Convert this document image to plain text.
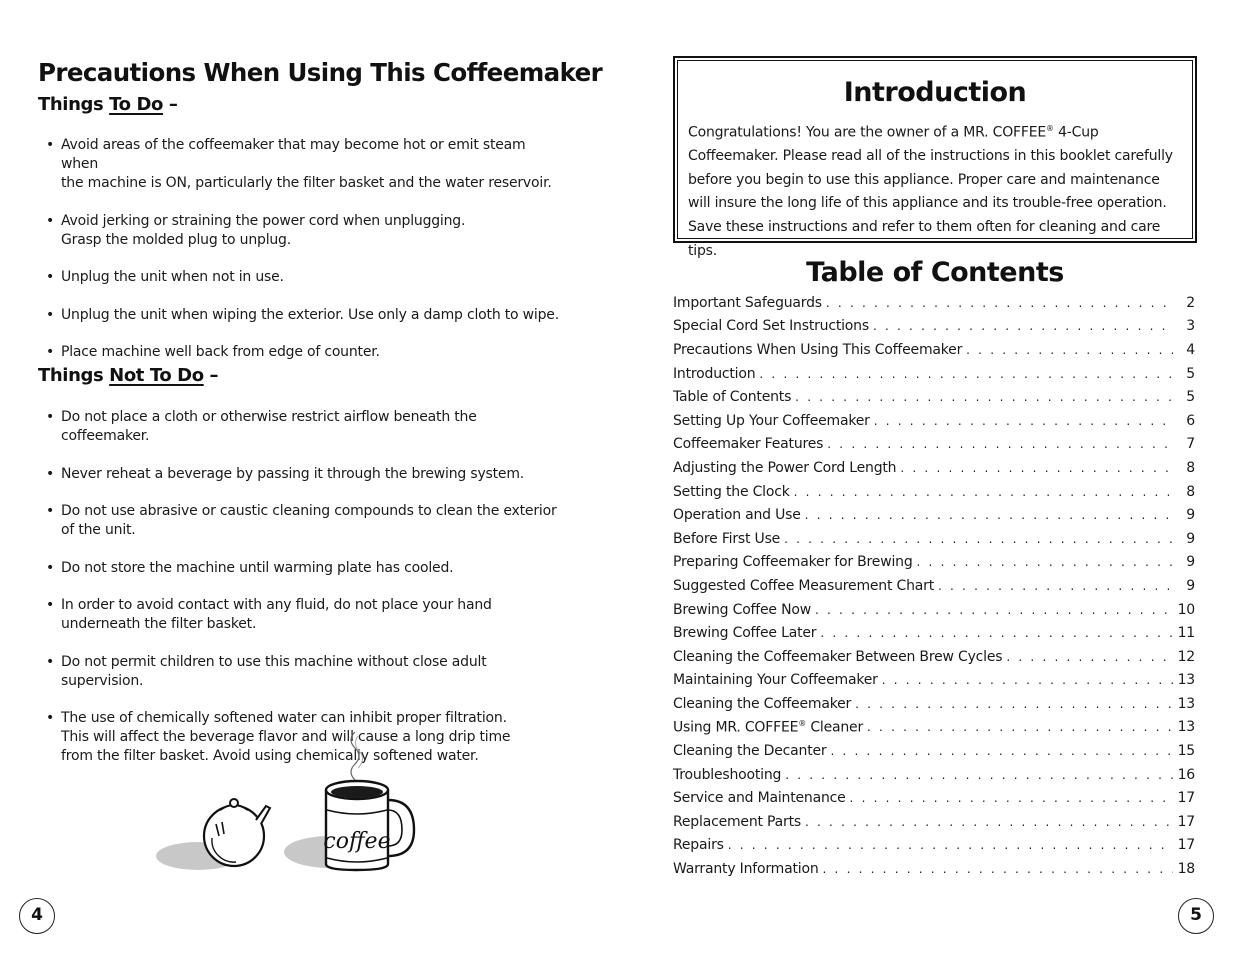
Precautions When Using This Coffeemaker
Things To Do –
• Avoid areas of the coffeemaker that may become hot or emit steam when
the machine is ON, particularly the filter basket and the water reservoir.
• Avoid jerking or straining the power cord when unplugging.
Grasp the molded plug to unplug.
• Unplug the unit when not in use.
• Unplug the unit when wiping the exterior. Use only a damp cloth to wipe.
• Place machine well back from edge of counter.
Things Not To Do –
• Do not place a cloth or otherwise restrict airflow beneath the coffeemaker.
• Never reheat a beverage by passing it through the brewing system.
• Do not use abrasive or caustic cleaning compounds to clean the exterior
of the unit.
• Do not store the machine until warming plate has cooled.
• In order to avoid contact with any fluid, do not place your hand
underneath the filter basket.
• Do not permit children to use this machine without close adult supervision.
• The use of chemically softened water can inhibit proper filtration.
This will affect the beverage flavor and will cause a long drip time
from the filter basket. Avoid using chemically softened water.
coffee
4
Introduction

Congratulations! You are the owner of a MR. COFFEE® 4-Cup Coffeemaker. Please read all of the instructions in this booklet carefully before you begin to use this appliance. Proper care and maintenance will insure the long life of this appliance and its trouble-free operation. Save these instructions and refer to them often for cleaning and care tips.

Table of Contents
Important Safeguards . . .	2
Special Cord Set Instructions . . .	3
Precautions When Using This Coffeemaker . . .	4
Introduction . . .	5
Table of Contents . . .	5
Setting Up Your Coffeemaker . . .	6
Coffeemaker Features . . .	7
Adjusting the Power Cord Length . . .	8
Setting the Clock . . .	8
Operation and Use . . .	9
Before First Use . . .	9
Preparing Coffeemaker for Brewing . . .	9
Suggested Coffee Measurement Chart . . .	9
Brewing Coffee Now . . .	10
Brewing Coffee Later . . .	11
Cleaning the Coffeemaker Between Brew Cycles . . .	12
Maintaining Your Coffeemaker . . .	13
Cleaning the Coffeemaker . . .	13
Using MR. COFFEE® Cleaner . . .	13
Cleaning the Decanter . . .	15
Troubleshooting . . .	16
Service and Maintenance . . .	17
Replacement Parts . . .	17
Repairs . . .	17
Warranty Information . . .	18
5
